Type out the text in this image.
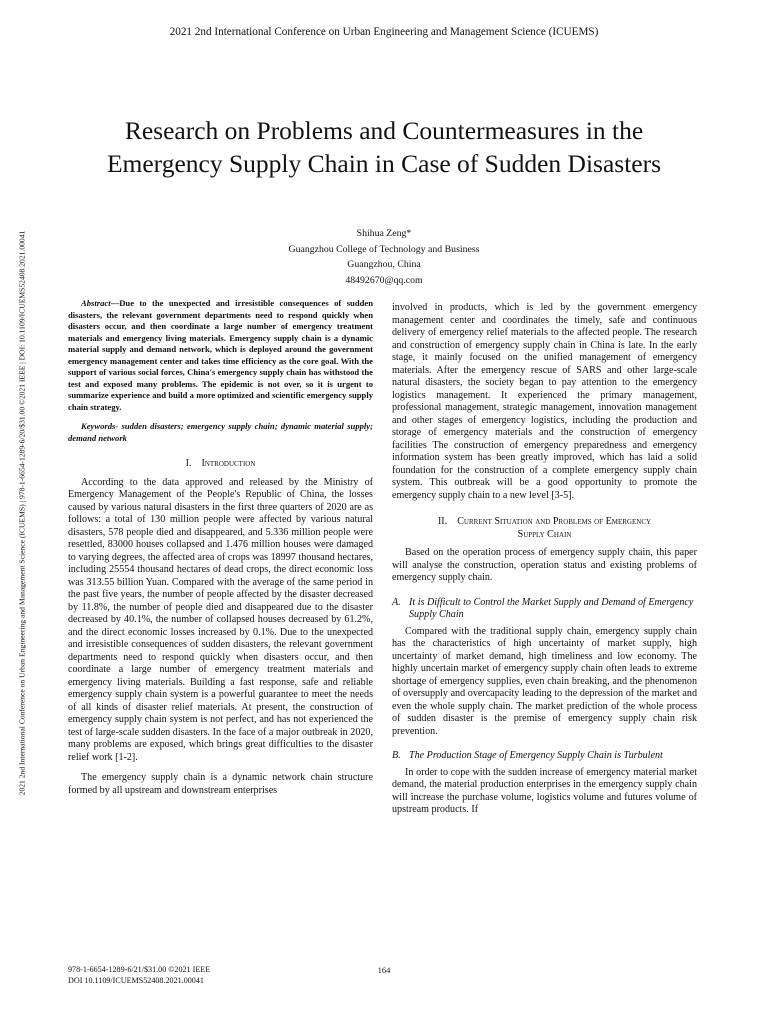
2021 2nd International Conference on Urban Engineering and Management Science (ICUEMS)
2021 2nd International Conference on Urban Engineering and Management Science (ICUEMS) | 978-1-6654-1289-6/20/$31.00 ©2021 IEEE | DOI: 10.1109/ICUEMS52408.2021.00041
Research on Problems and Countermeasures in the
Emergency Supply Chain in Case of Sudden Disasters
Shihua Zeng*
Guangzhou College of Technology and Business
Guangzhou, China
48492670@qq.com

Abstract—Due to the unexpected and irresistible consequences of sudden disasters, the relevant government departments need to respond quickly when disasters occur, and then coordinate a large number of emergency treatment materials and emergency living materials. Emergency supply chain is a dynamic material supply and demand network, which is deployed around the government emergency management center and takes time efficiency as the core goal. With the support of various social forces, China's emergency supply chain has withstood the test and exposed many problems. The epidemic is not over, so it is urgent to summarize experience and build a more optimized and scientific emergency supply chain strategy.

Keywords- sudden disasters; emergency supply chain; dynamic material supply; demand network

I. Introduction

According to the data approved and released by the Ministry of Emergency Management of the People's Republic of China, the losses caused by various natural disasters in the first three quarters of 2020 are as follows: a total of 130 million people were affected by various natural disasters, 578 people died and disappeared, and 5.336 million people were resettled, 83000 houses collapsed and 1.476 million houses were damaged to varying degrees, the affected area of crops was 18997 thousand hectares, including 25554 thousand hectares of dead crops, the direct economic loss was 313.55 billion Yuan. Compared with the average of the same period in the past five years, the number of people affected by the disaster decreased by 11.8%, the number of people died and disappeared due to the disaster decreased by 40.1%, the number of collapsed houses decreased by 61.2%, and the direct economic losses increased by 0.1%. Due to the unexpected and irresistible consequences of sudden disasters, the relevant government departments need to respond quickly when disasters occur, and then coordinate a large number of emergency treatment materials and emergency living materials. Building a fast response, safe and reliable emergency supply chain system is a powerful guarantee to meet the needs of all kinds of disaster relief materials. At present, the construction of emergency supply chain system is not perfect, and has not experienced the test of large-scale sudden disasters. In the face of a major outbreak in 2020, many problems are exposed, which brings great difficulties to the disaster relief work [1-2].

The emergency supply chain is a dynamic network chain structure formed by all upstream and downstream enterprises

involved in products, which is led by the government emergency management center and coordinates the timely, safe and continuous delivery of emergency relief materials to the affected people. The research and construction of emergency supply chain in China is late. In the early stage, it mainly focused on the unified management of emergency materials. After the emergency rescue of SARS and other large-scale natural disasters, the society began to pay attention to the emergency logistics management. It experienced the primary management, professional management, strategic management, innovation management and other stages of emergency logistics, including the production and storage of emergency materials and the construction of emergency facilities The construction of emergency preparedness and emergency information system has been greatly improved, which has laid a solid foundation for the construction of a complete emergency supply chain system. This outbreak will be a good opportunity to promote the emergency supply chain to a new level [3-5].

II. Current Situation and Problems of Emergency
Supply Chain

Based on the operation process of emergency supply chain, this paper will analyse the construction, operation status and existing problems of emergency supply chain.

A. It is Difficult to Control the Market Supply and Demand of Emergency Supply Chain

Compared with the traditional supply chain, emergency supply chain has the characteristics of high uncertainty of market supply, high uncertainty of market demand, high timeliness and low economy. The highly uncertain market of emergency supply chain often leads to extreme shortage of emergency supplies, even chain breaking, and the phenomenon of oversupply and overcapacity leading to the depression of the market and even the whole supply chain. The market prediction of the whole process of sudden disaster is the premise of emergency supply chain risk prevention.

B. The Production Stage of Emergency Supply Chain is Turbulent

In order to cope with the sudden increase of emergency material market demand, the material production enterprises in the emergency supply chain will increase the purchase volume, logistics volume and futures volume of upstream products. If

978-1-6654-1289-6/21/$31.00 ©2021 IEEE
DOI 10.1109/ICUEMS52408.2021.00041
164
